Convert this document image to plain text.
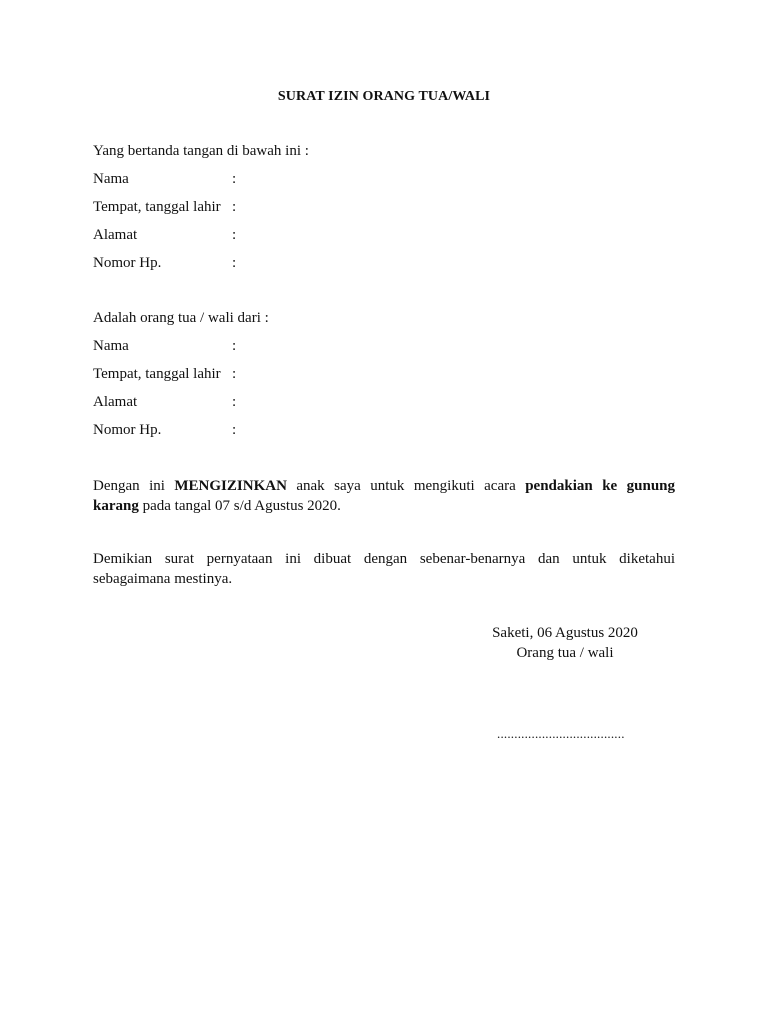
SURAT IZIN ORANG TUA/WALI
Yang bertanda tangan di bawah ini :
Nama	:
Tempat, tanggal lahir :
Alamat	:
Nomor Hp.	:
Adalah orang tua / wali dari :
Nama	:
Tempat, tanggal lahir :
Alamat	:
Nomor Hp.	:
Dengan ini MENGIZINKAN anak saya untuk mengikuti acara pendakian ke gunung
karang pada tangal 07 s/d Agustus 2020.
Demikian surat pernyataan ini dibuat dengan sebenar-benarnya dan untuk diketahui
sebagaimana mestinya.
Saketi, 06 Agustus 2020
Orang tua / wali
.....................................
